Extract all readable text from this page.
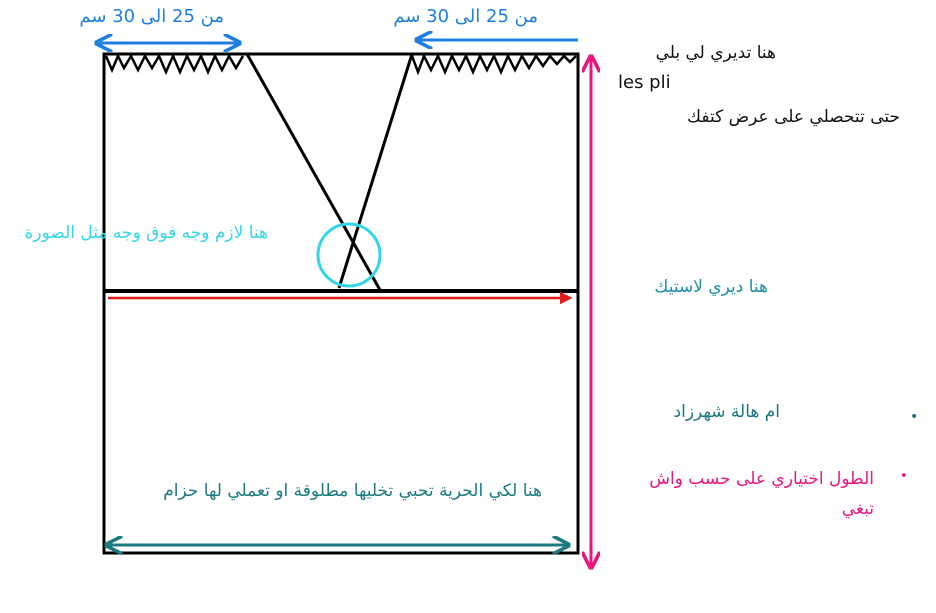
من 25 الى 30 سم	من 25 الى 30 سم
هنا تديري لي بلي
les pli
حتى تتحصلي على عرض كتفك
هنا لازم وجه فوق وجه مثل الصورة
هنا ديري لاستيك
•
ام هالة شهرزاد
•
الطول اختياري على حسب واش تبغي
هنا لكي الحرية تحبي تخليها مطلوقة او تعملي لها حزام
